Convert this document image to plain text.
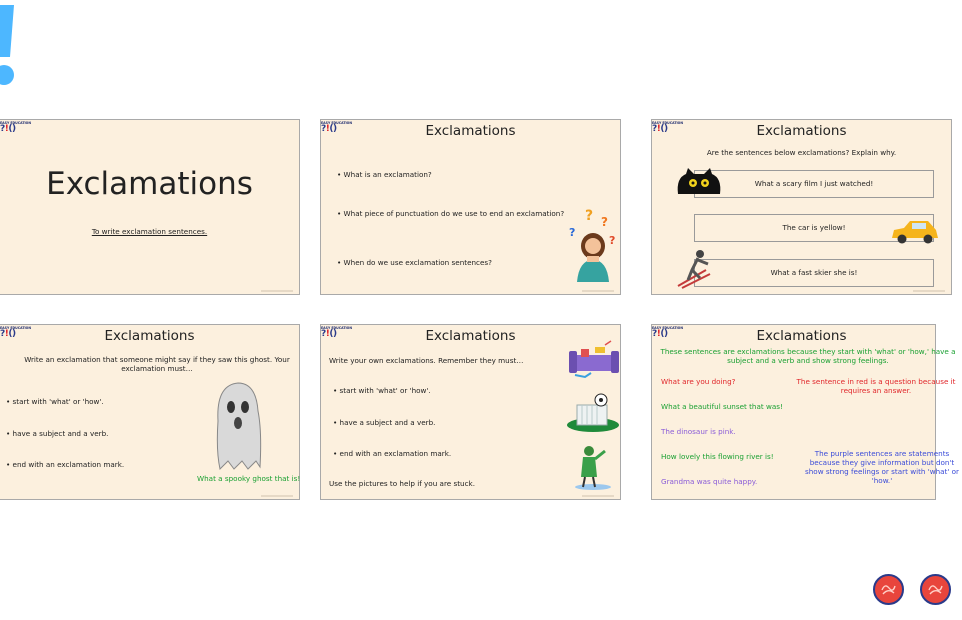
EASY EDUCATION
?!()
Exclamations
To write exclamation sentences.
EASY EDUCATION
?!()	Exclamations
• What is an exclamation?
• What piece of punctuation do we use to end an exclamation?
• When do we use exclamation sentences?
? ?
?
?
EASY EDUCATION
?!()	Exclamations
Are the sentences below exclamations? Explain why.
What a scary film I just watched!
The car is yellow!
What a fast skier she is!
EASY EDUCATION
?!()	Exclamations
Write an exclamation that someone might say if they saw this ghost. Your exclamation must…
• start with 'what' or 'how'.
• have a subject and a verb.
• end with an exclamation mark.
What a spooky ghost that is!
EASY EDUCATION
?!()	Exclamations
Write your own exclamations. Remember they must…
• start with 'what' or 'how'.
• have a subject and a verb.
• end with an exclamation mark.
Use the pictures to help if you are stuck.
EASY EDUCATION
?!()	Exclamations
These sentences are exclamations because they start with 'what' or 'how,' have a subject and a verb and show strong feelings.
What are you doing?
What a beautiful sunset that was!
The dinosaur is pink.
How lovely this flowing river is!
Grandma was quite happy.
The sentence in red is a question because it requires an answer.
The purple sentences are statements because they give information but don't show strong feelings or start with 'what' or 'how.'
